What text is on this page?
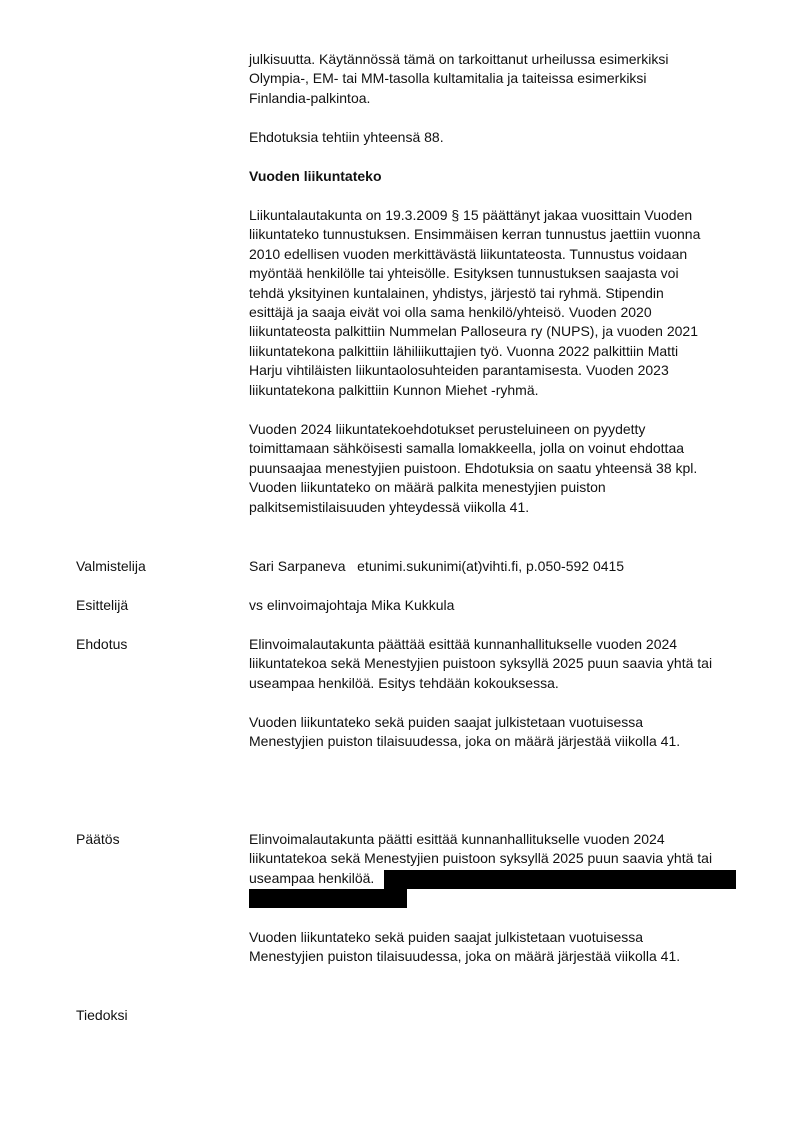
julkisuutta. Käytännössä tämä on tarkoittanut urheilussa esimerkiksi
Olympia-, EM- tai MM-tasolla kultamitalia ja taiteissa esimerkiksi
Finlandia-palkintoa.
Ehdotuksia tehtiin yhteensä 88.
Vuoden liikuntateko
Liikuntalautakunta on 19.3.2009 § 15 päättänyt jakaa vuosittain Vuoden
liikuntateko tunnustuksen. Ensimmäisen kerran tunnustus jaettiin vuonna
2010 edellisen vuoden merkittävästä liikuntateosta. Tunnustus voidaan
myöntää henkilölle tai yhteisölle. Esityksen tunnustuksen saajasta voi
tehdä yksityinen kuntalainen, yhdistys, järjestö tai ryhmä. Stipendin
esittäjä ja saaja eivät voi olla sama henkilö/yhteisö. Vuoden 2020
liikuntateosta palkittiin Nummelan Palloseura ry (NUPS), ja vuoden 2021
liikuntatekona palkittiin lähiliikuttajien työ. Vuonna 2022 palkittiin Matti
Harju vihtiläisten liikuntaolosuhteiden parantamisesta. Vuoden 2023
liikuntatekona palkittiin Kunnon Miehet -ryhmä.
Vuoden 2024 liikuntatekoehdotukset perusteluineen on pyydetty
toimittamaan sähköisesti samalla lomakkeella, jolla on voinut ehdottaa
puunsaajaa menestyjien puistoon. Ehdotuksia on saatu yhteensä 38 kpl.
Vuoden liikuntateko on määrä palkita menestyjien puiston
palkitsemistilaisuuden yhteydessä viikolla 41.
Valmistelija	Sari Sarpaneva   etunimi.sukunimi(at)vihti.fi, p.050-592 0415
Esittelijä	vs elinvoimajohtaja Mika Kukkula
Ehdotus	Elinvoimalautakunta päättää esittää kunnanhallitukselle vuoden 2024
liikuntatekoa sekä Menestyjien puistoon syksyllä 2025 puun saavia yhtä tai
useampaa henkilöä. Esitys tehdään kokouksessa.
Vuoden liikuntateko sekä puiden saajat julkistetaan vuotuisessa
Menestyjien puiston tilaisuudessa, joka on määrä järjestää viikolla 41.
Päätös	Elinvoimalautakunta päätti esittää kunnanhallitukselle vuoden 2024
liikuntatekoa sekä Menestyjien puistoon syksyllä 2025 puun saavia yhtä tai
useampaa henkilöä.
Vuoden liikuntateko sekä puiden saajat julkistetaan vuotuisessa
Menestyjien puiston tilaisuudessa, joka on määrä järjestää viikolla 41.
Tiedoksi
